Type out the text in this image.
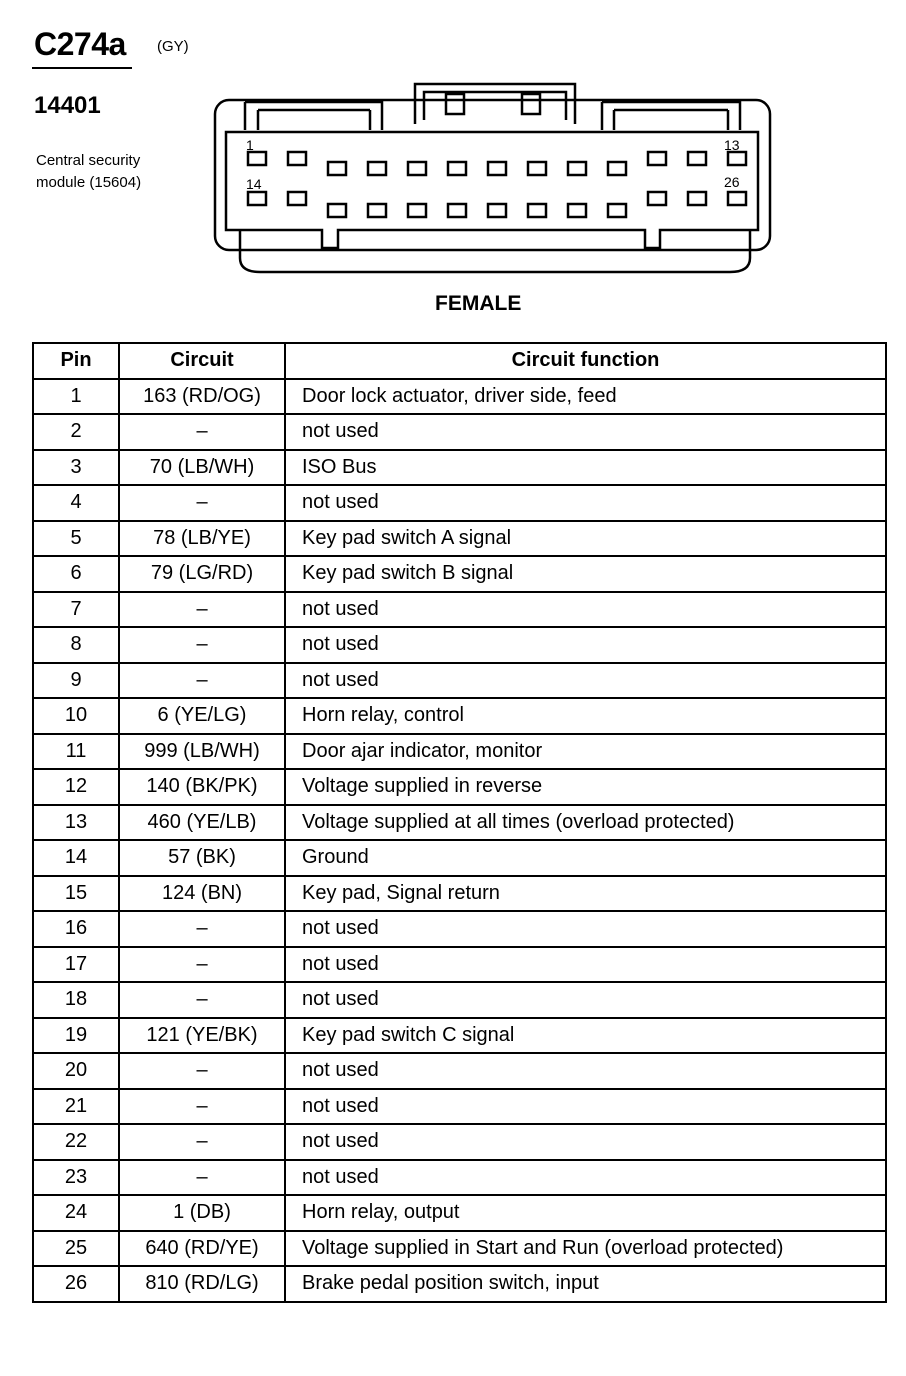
C274a (GY)
14401
Central security
module (15604)
1	13
14	26
FEMALE
Pin	Circuit	Circuit function
1	163 (RD/OG)	Door lock actuator, driver side, feed
2	–	not used
3	70 (LB/WH)	ISO Bus
4	–	not used
5	78 (LB/YE)	Key pad switch A signal
6	79 (LG/RD)	Key pad switch B signal
7	–	not used
8	–	not used
9	–	not used
10	6 (YE/LG)	Horn relay, control
11	999 (LB/WH)	Door ajar indicator, monitor
12	140 (BK/PK)	Voltage supplied in reverse
13	460 (YE/LB)	Voltage supplied at all times (overload protected)
14	57 (BK)	Ground
15	124 (BN)	Key pad, Signal return
16	–	not used
17	–	not used
18	–	not used
19	121 (YE/BK)	Key pad switch C signal
20	–	not used
21	–	not used
22	–	not used
23	–	not used
24	1 (DB)	Horn relay, output
25	640 (RD/YE)	Voltage supplied in Start and Run (overload protected)
26	810 (RD/LG)	Brake pedal position switch, input
